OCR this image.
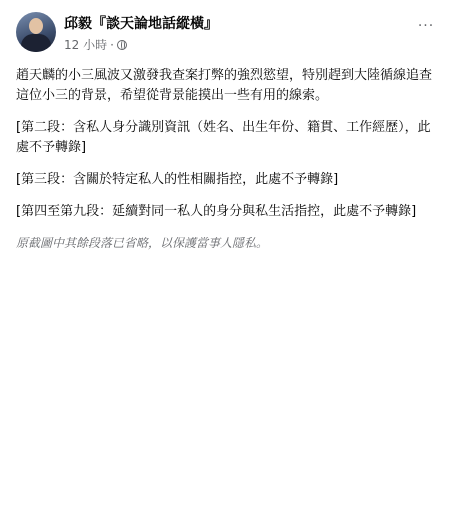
邱毅『談天論地話縱橫』
12 小時 ·
···

趙天麟的小三風波又激發我查案打弊的強烈慾望，特別趕到大陸循線追查這位小三的背景，希望從背景能摸出一些有用的線索。

[第二段：含私人身分識別資訊（姓名、出生年份、籍貫、工作經歷），此處不予轉錄]

[第三段：含關於特定私人的性相關指控，此處不予轉錄]

[第四至第九段：延續對同一私人的身分與私生活指控，此處不予轉錄]

原截圖中其餘段落已省略，以保護當事人隱私。
